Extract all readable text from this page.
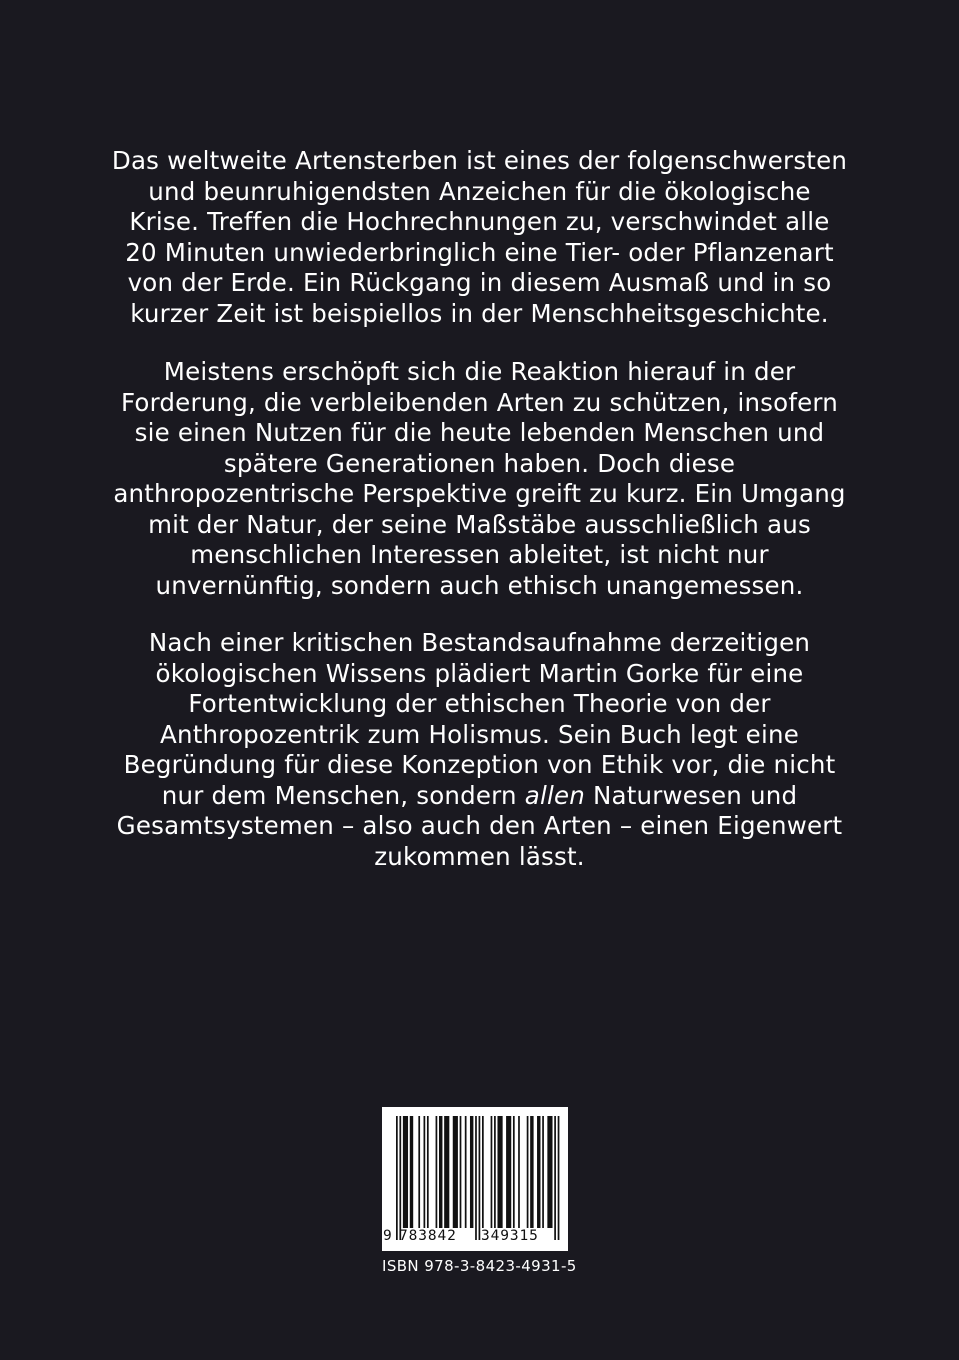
Das weltweite Artensterben ist eines der folgenschwersten
und beunruhigendsten Anzeichen für die ökologische
Krise. Treffen die Hochrechnungen zu, verschwindet alle
20 Minuten unwiederbringlich eine Tier- oder Pflanzenart
von der Erde. Ein Rückgang in diesem Ausmaß und in so
kurzer Zeit ist beispiellos in der Menschheitsgeschichte.

Meistens erschöpft sich die Reaktion hierauf in der
Forderung, die verbleibenden Arten zu schützen, insofern
sie einen Nutzen für die heute lebenden Menschen und
spätere Generationen haben. Doch diese
anthropozentrische Perspektive greift zu kurz. Ein Umgang
mit der Natur, der seine Maßstäbe ausschließlich aus
menschlichen Interessen ableitet, ist nicht nur
unvernünftig, sondern auch ethisch unangemessen.

Nach einer kritischen Bestandsaufnahme derzeitigen
ökologischen Wissens plädiert Martin Gorke für eine
Fortentwicklung der ethischen Theorie von der
Anthropozentrik zum Holismus. Sein Buch legt eine
Begründung für diese Konzeption von Ethik vor, die nicht
nur dem Menschen, sondern allen Naturwesen und
Gesamtsystemen – also auch den Arten – einen Eigenwert
zukommen lässt.

9 783842 349315
ISBN 978-3-8423-4931-5
